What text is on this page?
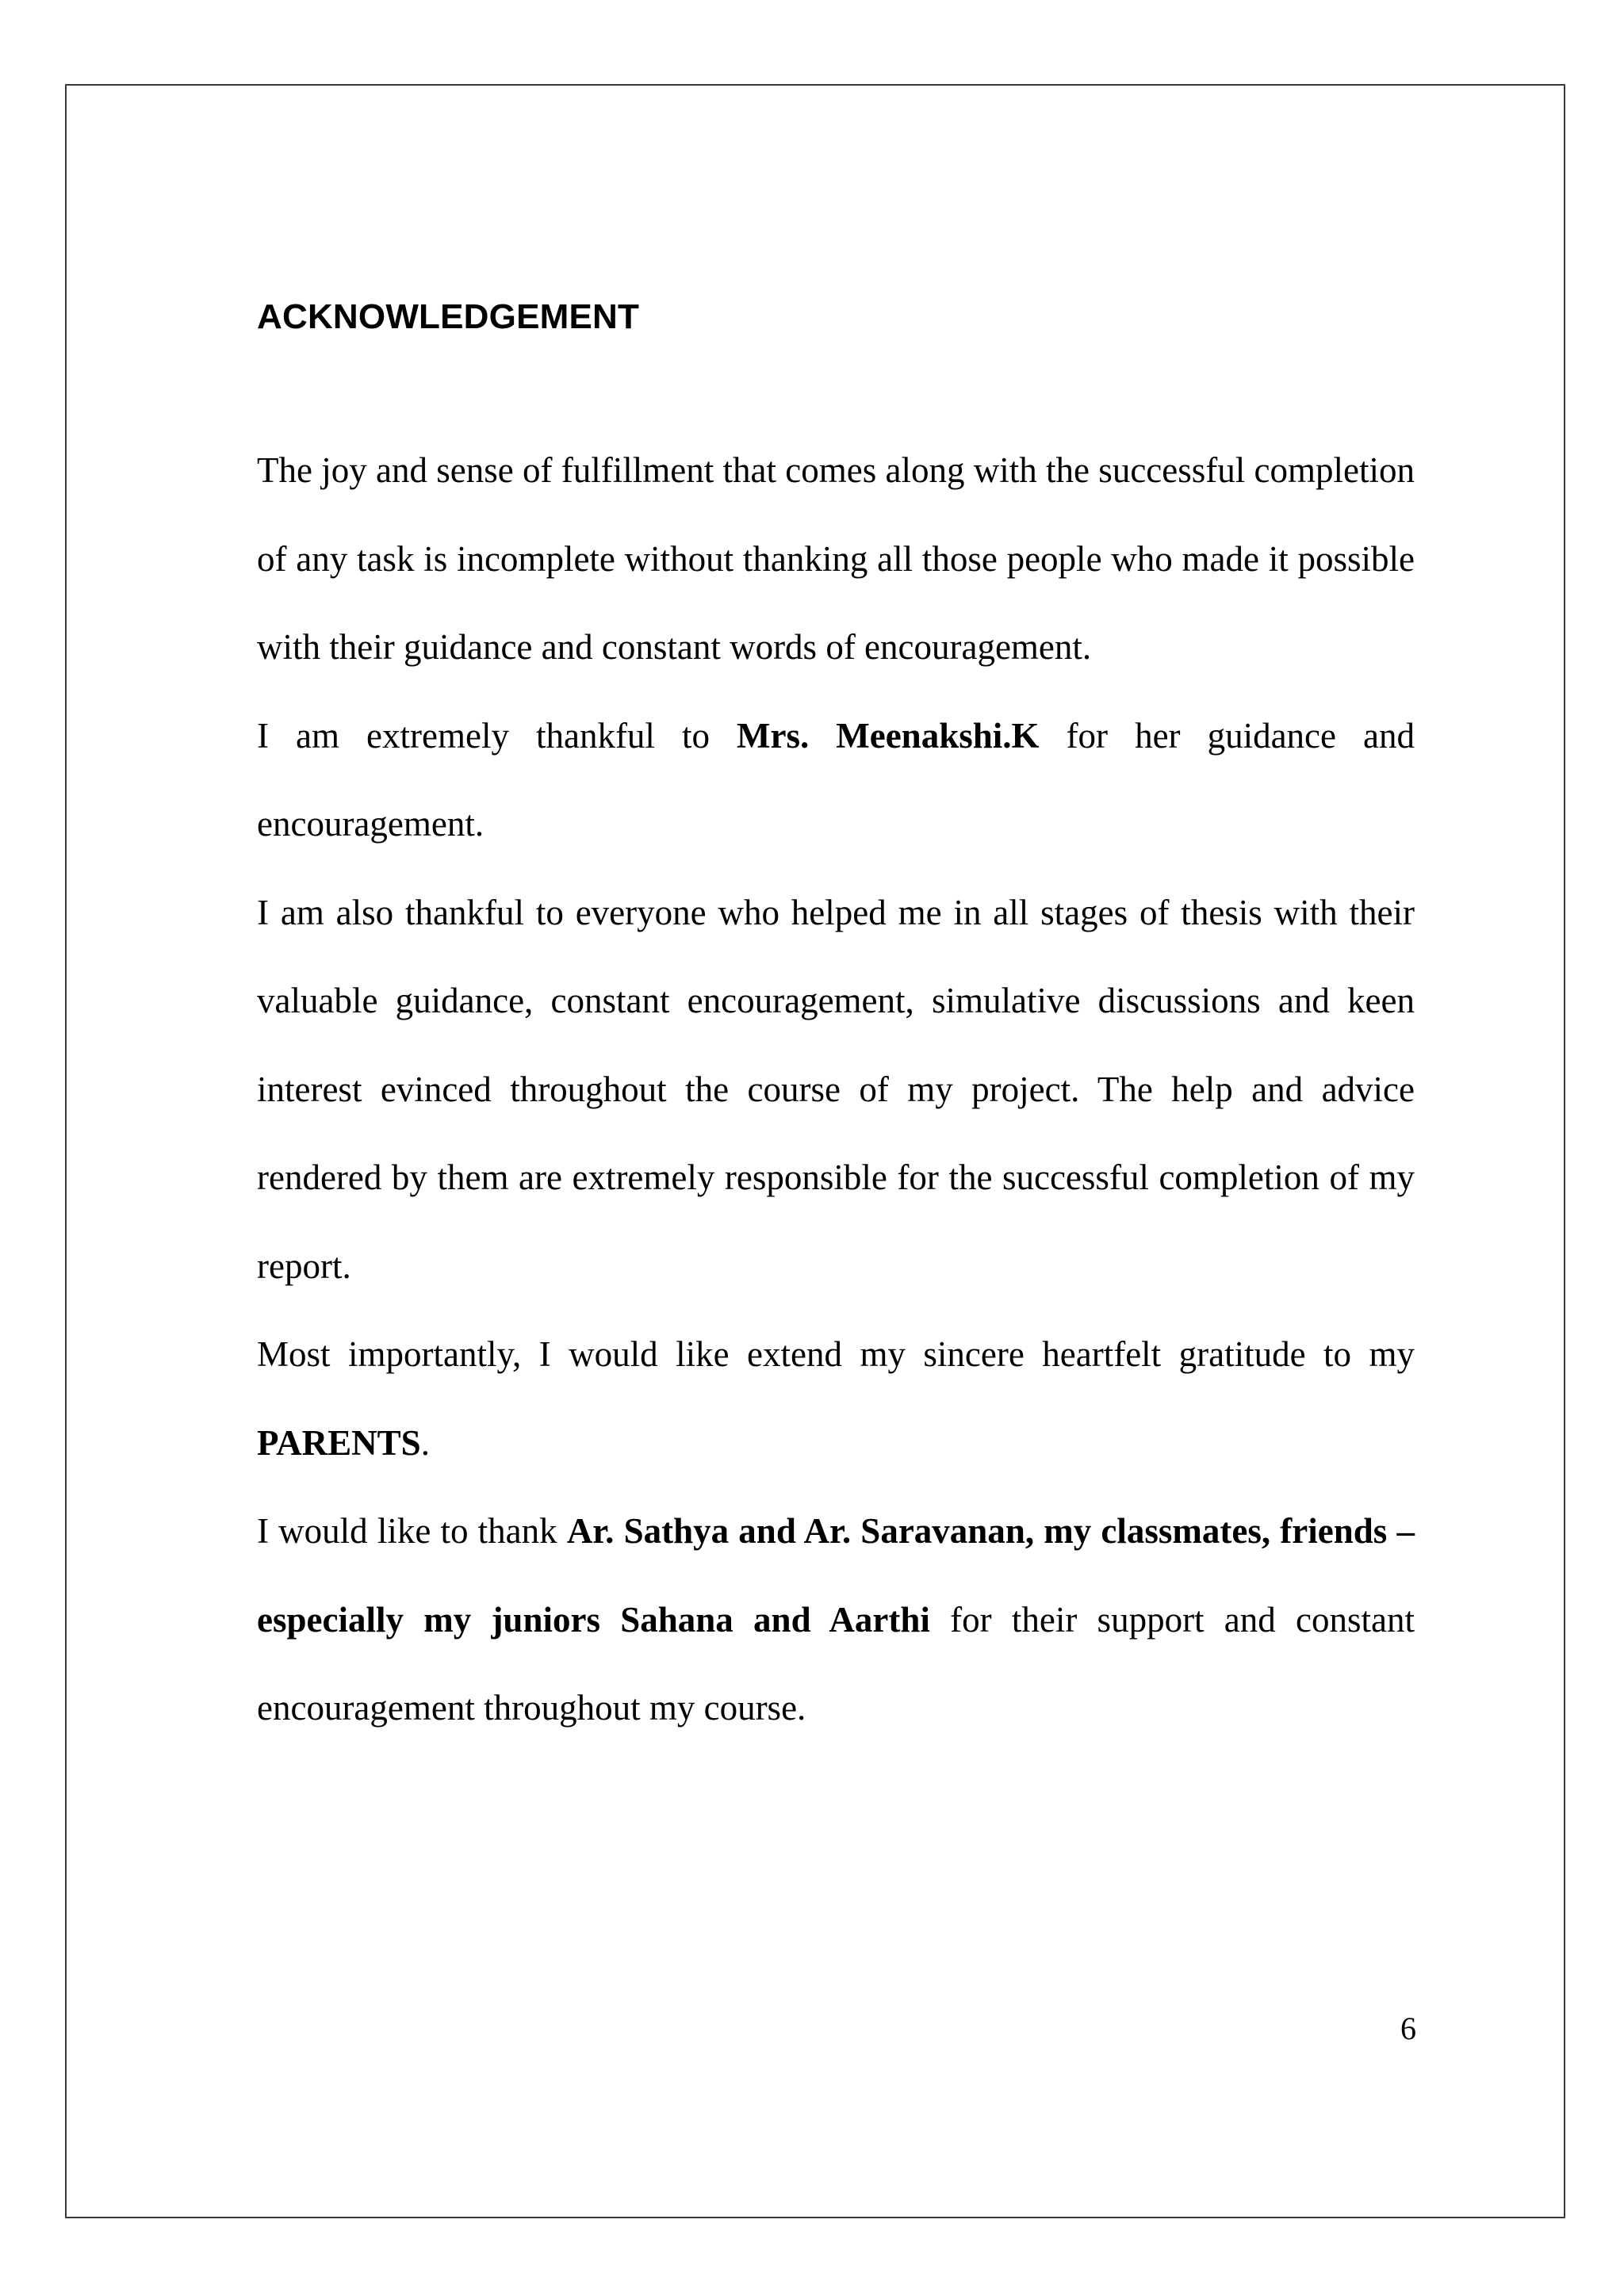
ACKNOWLEDGEMENT

The joy and sense of fulfillment that comes along with the successful completion of any task is incomplete without thanking all those people who made it possible with their guidance and constant words of encouragement.

I am extremely thankful to Mrs. Meenakshi.K for her guidance and encouragement.

I am also thankful to everyone who helped me in all stages of thesis with their valuable guidance, constant encouragement, simulative discussions and keen interest evinced throughout the course of my project. The help and advice rendered by them are extremely responsible for the successful completion of my report.

Most importantly, I would like extend my sincere heartfelt gratitude to my PARENTS.

I would like to thank Ar. Sathya and Ar. Saravanan, my classmates, friends – especially my juniors Sahana and Aarthi for their support and constant encouragement throughout my course.

6
